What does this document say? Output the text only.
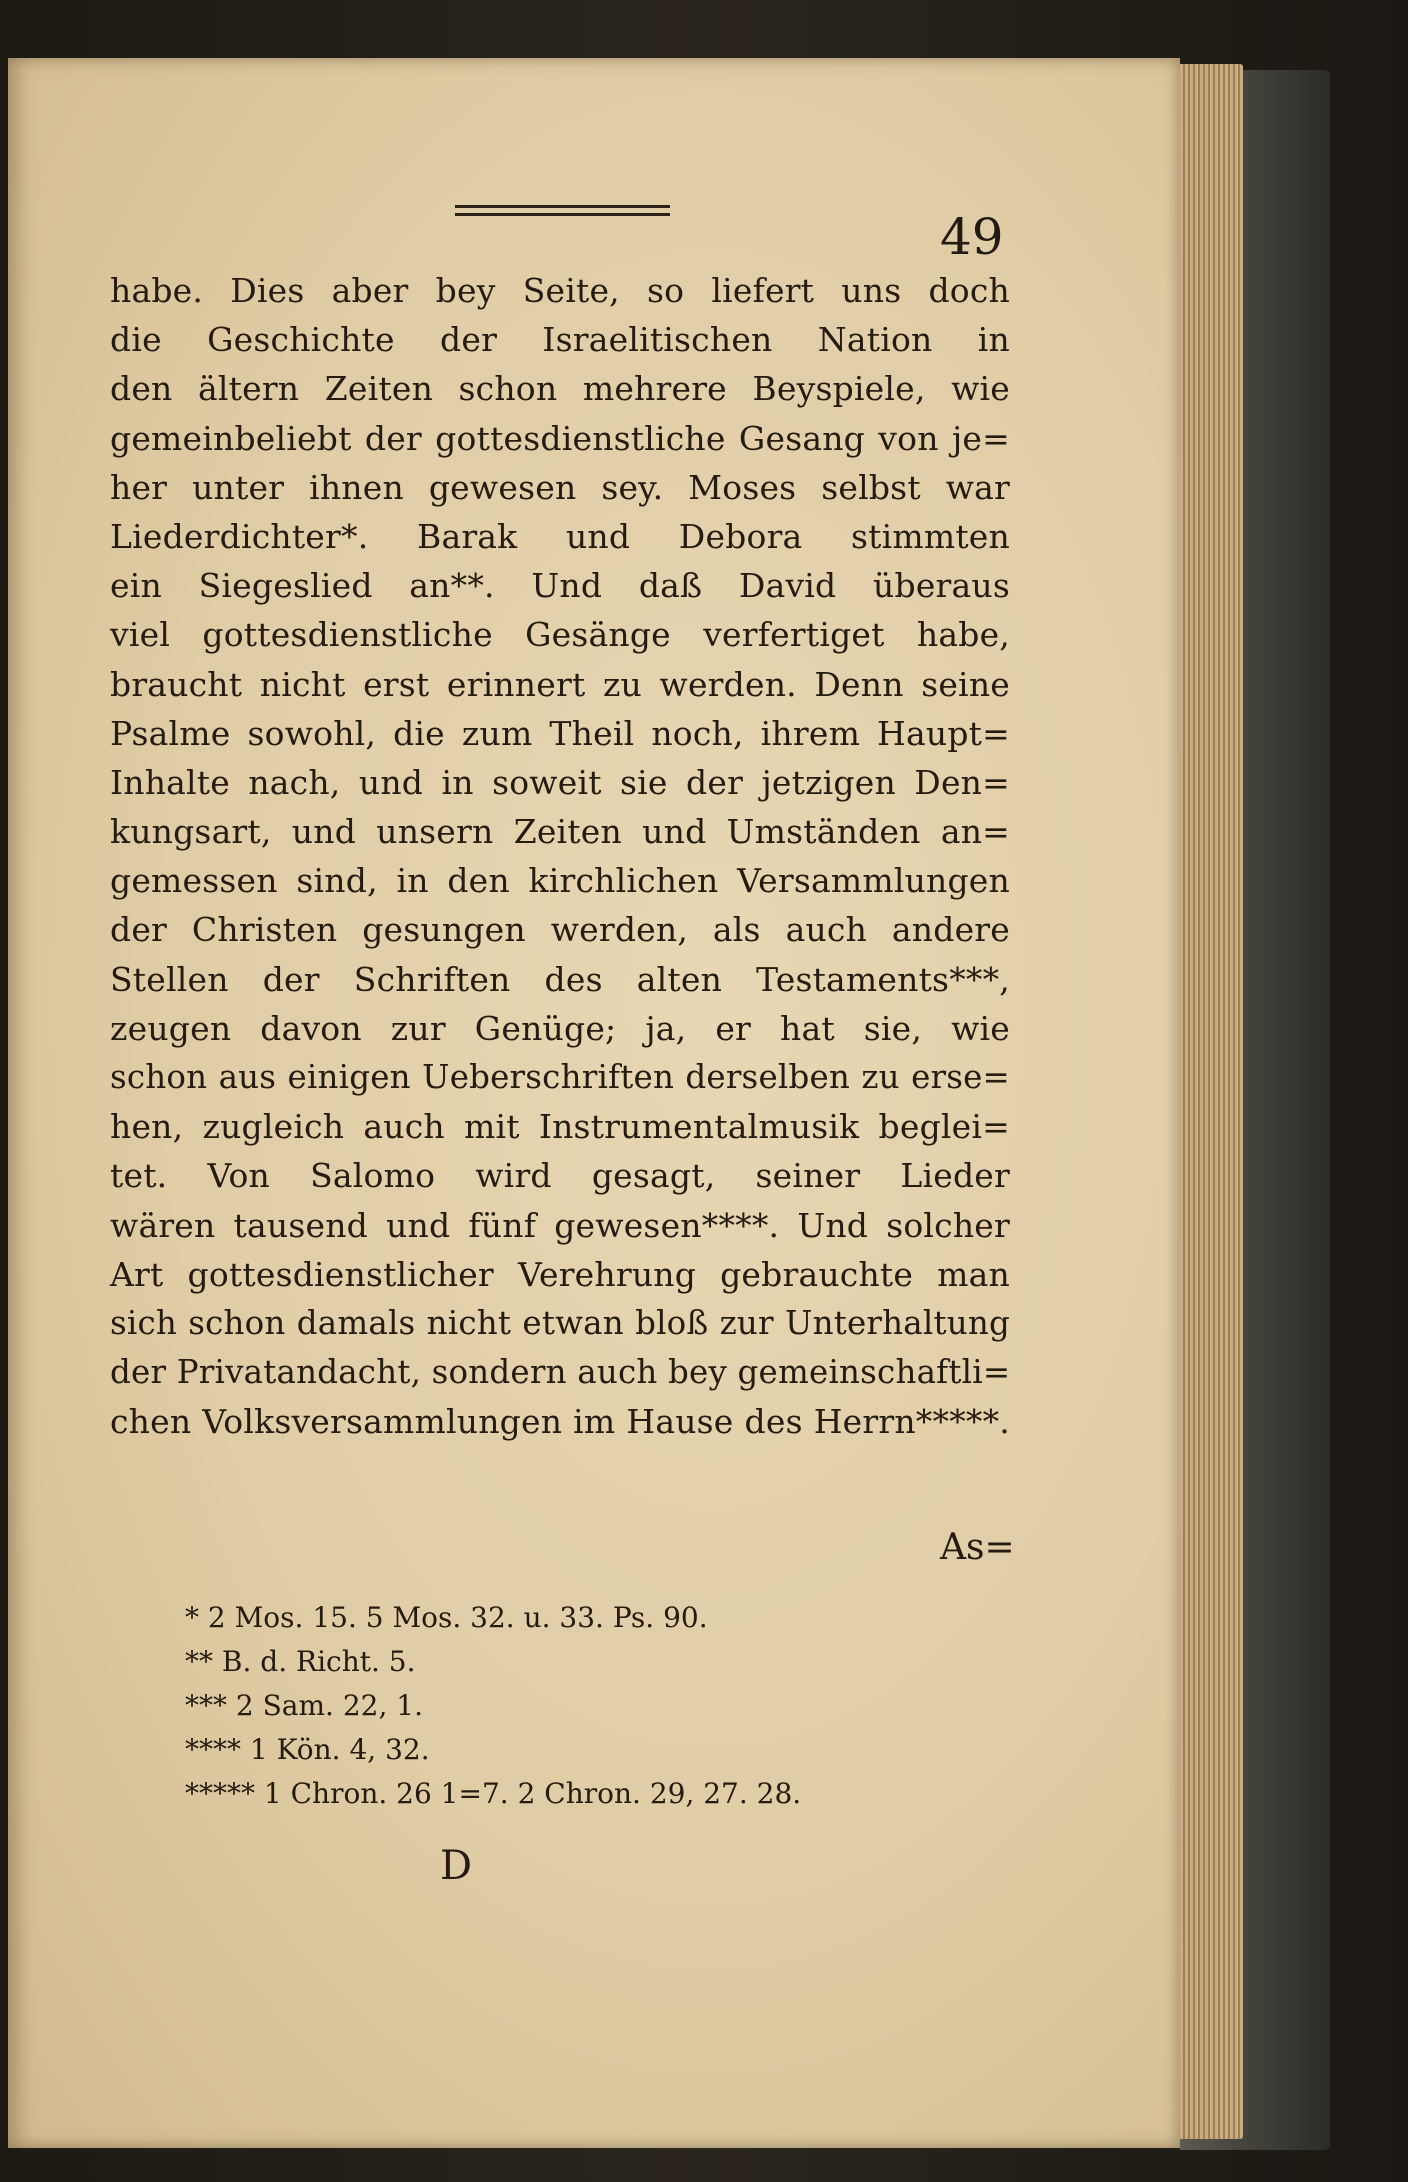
49
habe. Dies aber bey Seite, so liefert uns doch
die Geschichte der Israelitischen Nation in
den ältern Zeiten schon mehrere Beyspiele, wie
gemeinbeliebt der gottesdienstliche Gesang von je=
her unter ihnen gewesen sey. Moses selbst war
Liederdichter*. Barak und Debora stimmten
ein Siegeslied an**. Und daß David überaus
viel gottesdienstliche Gesänge verfertiget habe,
braucht nicht erst erinnert zu werden. Denn seine
Psalme sowohl, die zum Theil noch, ihrem Haupt=
Inhalte nach, und in soweit sie der jetzigen Den=
kungsart, und unsern Zeiten und Umständen an=
gemessen sind, in den kirchlichen Versammlungen
der Christen gesungen werden, als auch andere
Stellen der Schriften des alten Testaments***,
zeugen davon zur Genüge; ja, er hat sie, wie
schon aus einigen Ueberschriften derselben zu erse=
hen, zugleich auch mit Instrumentalmusik beglei=
tet. Von Salomo wird gesagt, seiner Lieder
wären tausend und fünf gewesen****. Und solcher
Art gottesdienstlicher Verehrung gebrauchte man
sich schon damals nicht etwan bloß zur Unterhaltung
der Privatandacht, sondern auch bey gemeinschaftli=
chen Volksversammlungen im Hause des Herrn*****.
As=
* 2 Mos. 15. 5 Mos. 32. u. 33. Ps. 90.
** B. d. Richt. 5.
*** 2 Sam. 22, 1.
**** 1 Kön. 4, 32.
***** 1 Chron. 26 1=7. 2 Chron. 29, 27. 28.
D
